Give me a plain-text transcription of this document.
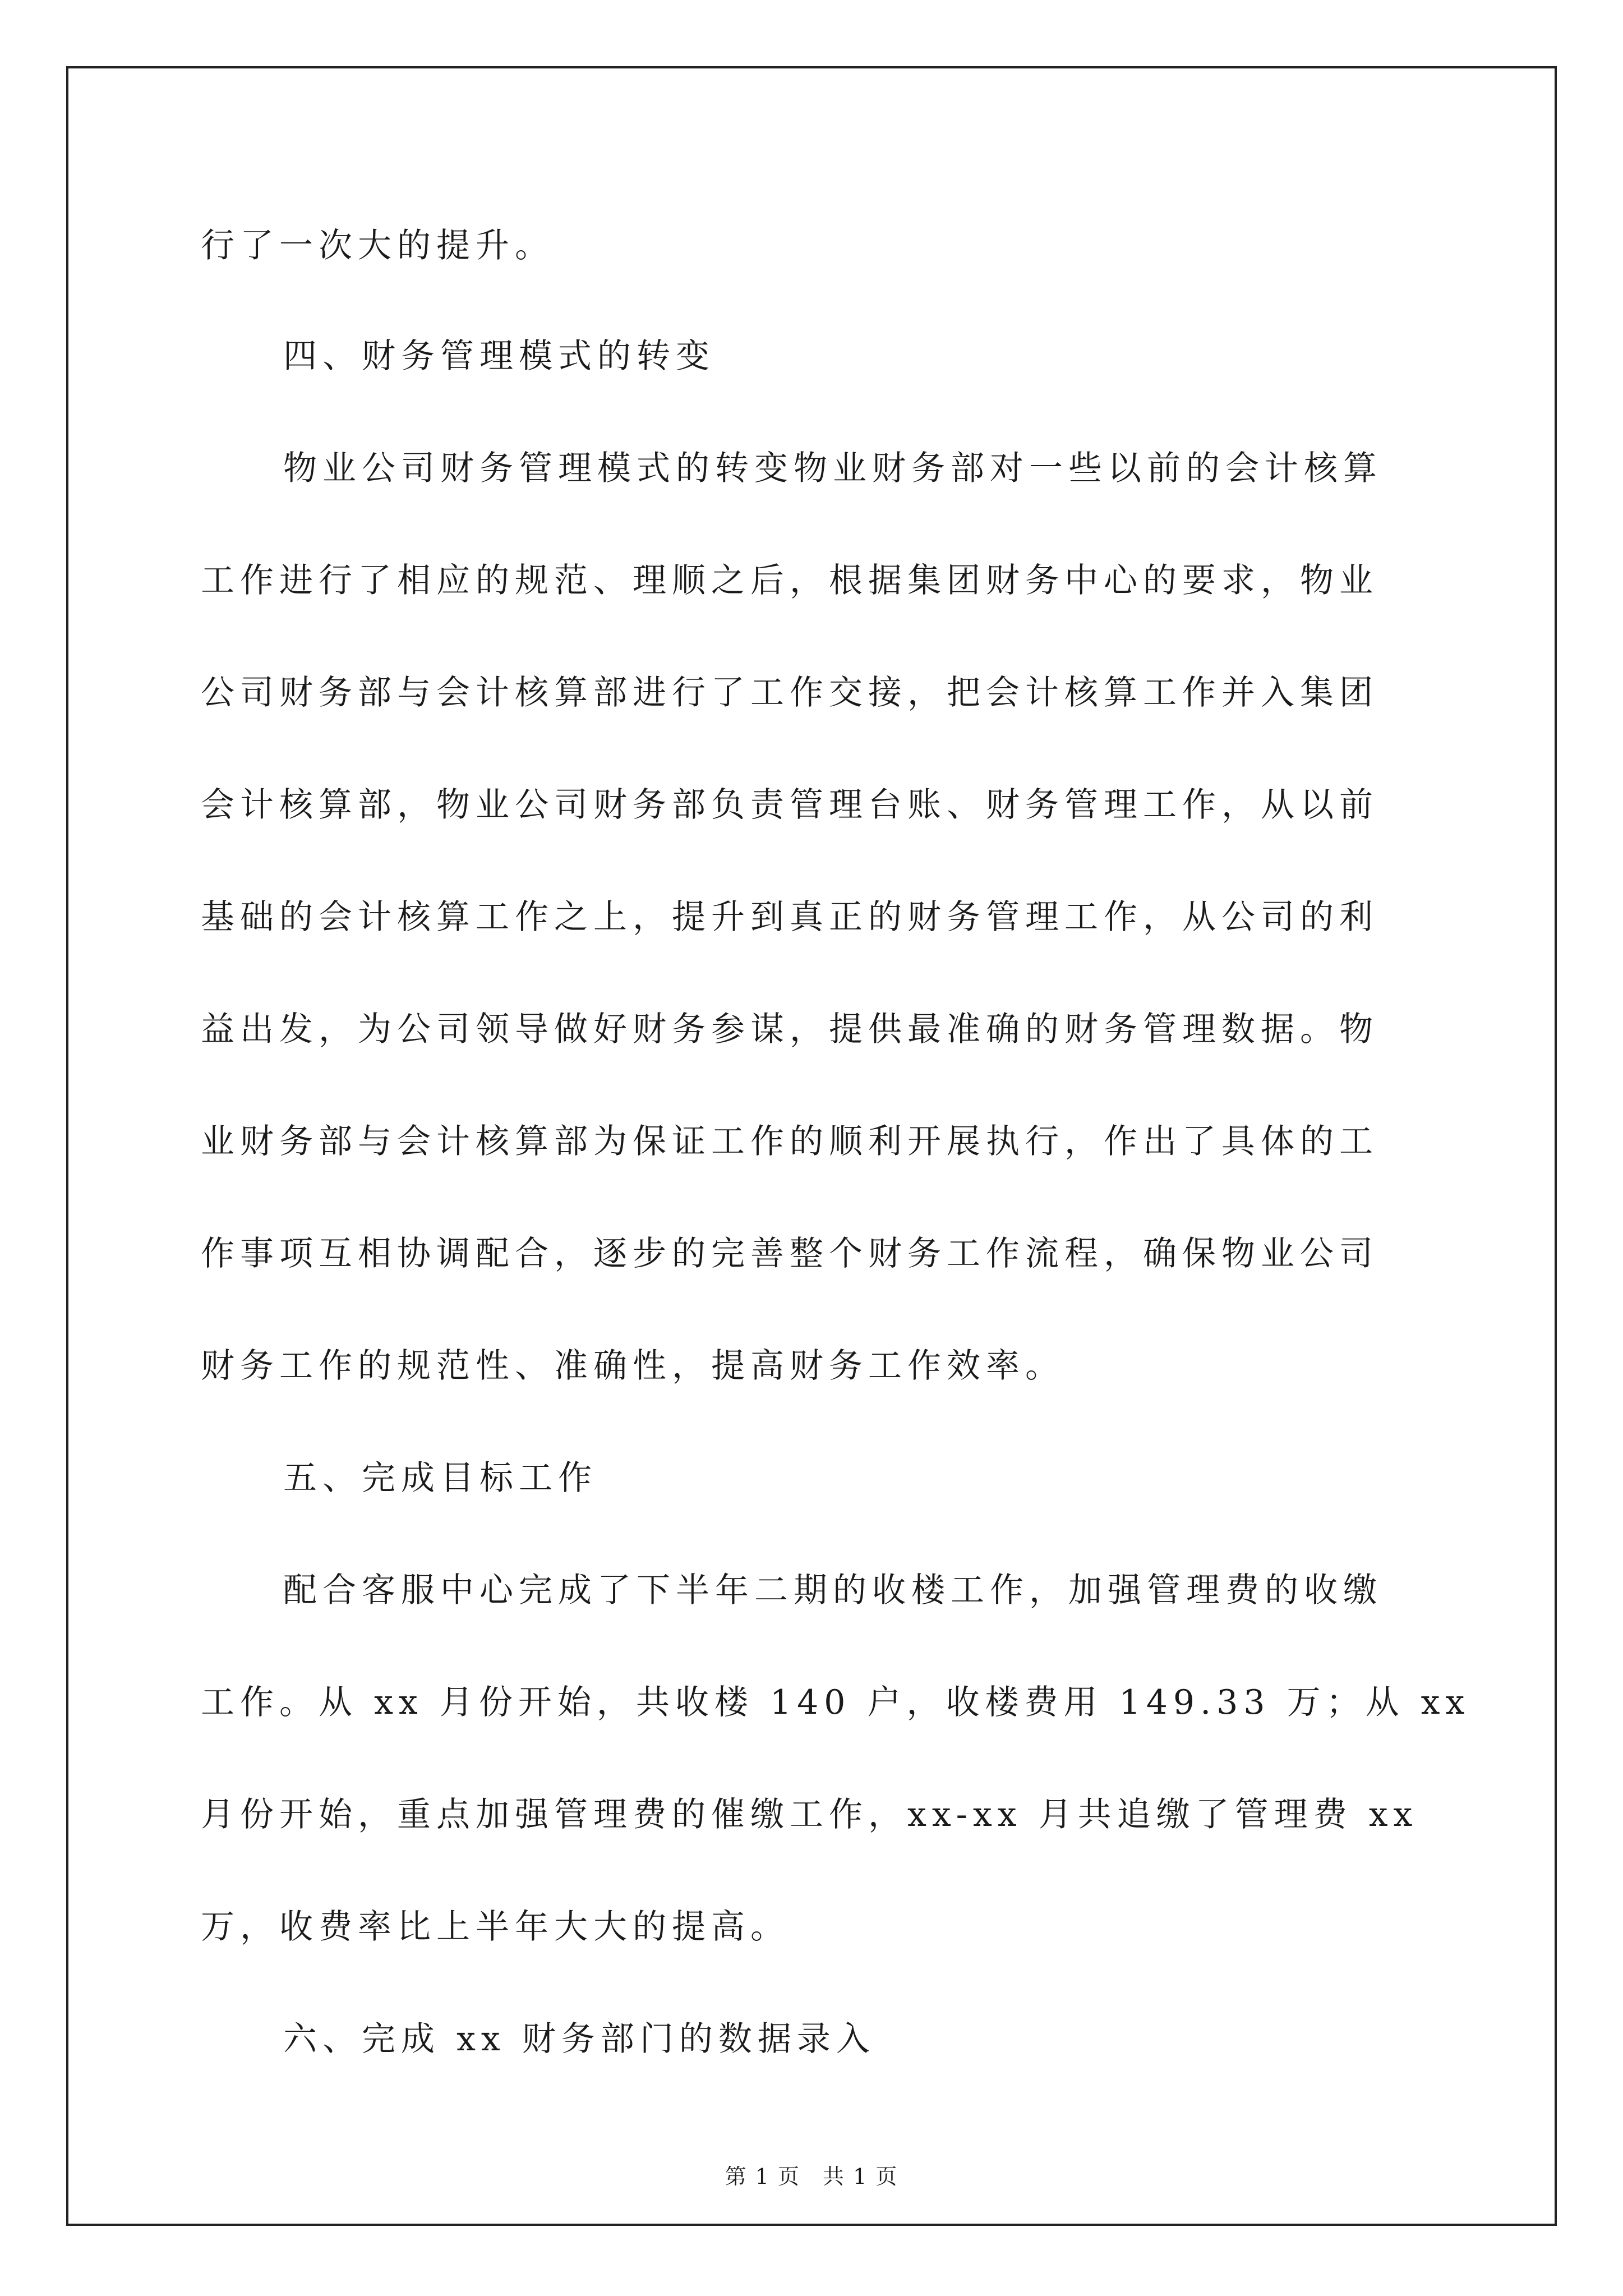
行了一次大的提升。
四、财务管理模式的转变
物业公司财务管理模式的转变物业财务部对一些以前的会计核算
工作进行了相应的规范、理顺之后，根据集团财务中心的要求，物业
公司财务部与会计核算部进行了工作交接，把会计核算工作并入集团
会计核算部，物业公司财务部负责管理台账、财务管理工作，从以前
基础的会计核算工作之上，提升到真正的财务管理工作，从公司的利
益出发，为公司领导做好财务参谋，提供最准确的财务管理数据。物
业财务部与会计核算部为保证工作的顺利开展执行，作出了具体的工
作事项互相协调配合，逐步的完善整个财务工作流程，确保物业公司
财务工作的规范性、准确性，提高财务工作效率。
五、完成目标工作
配合客服中心完成了下半年二期的收楼工作，加强管理费的收缴
工作。从 xx 月份开始，共收楼 140 户，收楼费用 149.33 万；从 xx
月份开始，重点加强管理费的催缴工作，xx-xx 月共追缴了管理费 xx
万，收费率比上半年大大的提高。
六、完成 xx 财务部门的数据录入
第 1 页　共 1 页
